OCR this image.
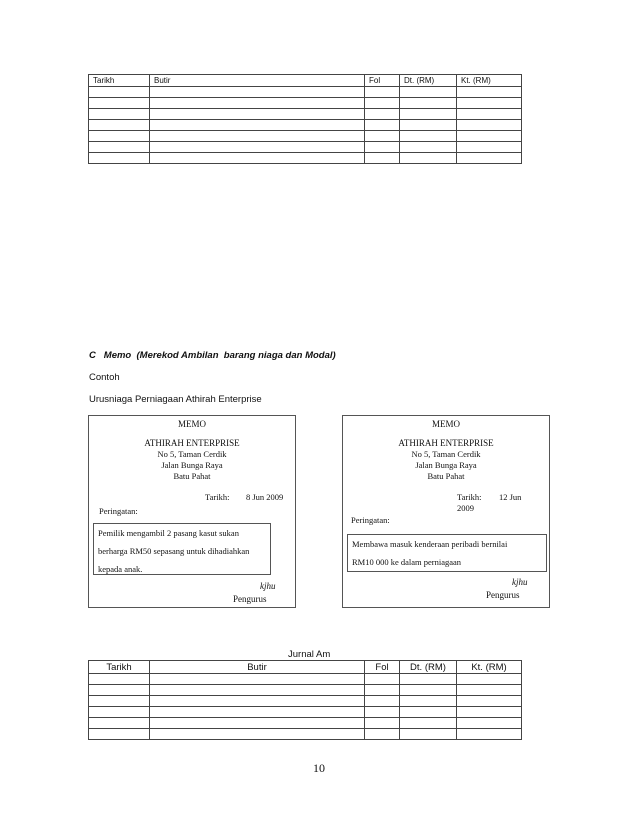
Tarikh	Butir	Fol	Dt. (RM)	Kt. (RM)

C   Memo  (Merekod Ambilan  barang niaga dan Modal)
Contoh
Urusniaga Perniagaan Athirah Enterprise
MEMO
ATHIRAH ENTERPRISE
No 5, Taman Cerdik
Jalan Bunga Raya
Batu Pahat
Tarikh: 8 Jun 2009
Peringatan:
Pemilik mengambil 2 pasang kasut sukan
berharga RM50 sepasang untuk dihadiahkan
kepada anak.
kjhu
Pengurus
MEMO
ATHIRAH ENTERPRISE
No 5, Taman Cerdik
Jalan Bunga Raya
Batu Pahat
Tarikh: 12 Jun
2009
Peringatan:
Membawa masuk kenderaan peribadi bernilai
RM10 000 ke dalam perniagaan
kjhu
Pengurus
Jurnal Am
Tarikh	Butir	Fol	Dt. (RM)	Kt. (RM)

10
